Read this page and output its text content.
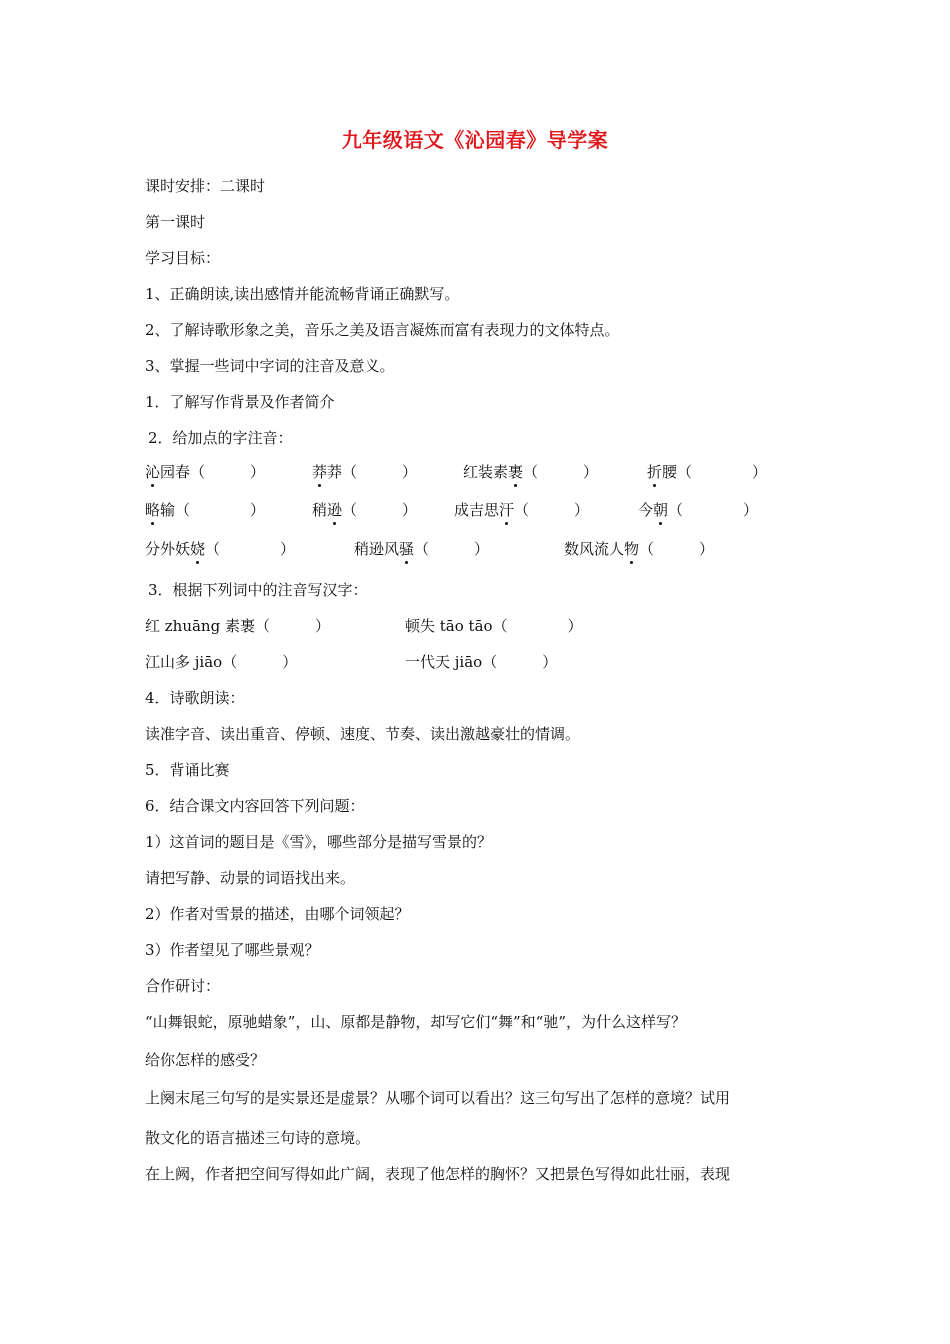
九年级语文《沁园春》导学案
课时安排：二课时
第一课时
学习目标：
1、正确朗读,读出感情并能流畅背诵正确默写。
2、了解诗歌形象之美，音乐之美及语言凝炼而富有表现力的文体特点。
3、掌握一些词中字词的注音及意义。
1．了解写作背景及作者简介
2．给加点的字注音：
沁园春（　　　）	莽莽（　　　）	红装素裹（　　　）	折腰（　　　　）
略输（　　　　）	稍逊（　　　） 成吉思汗（　　　）	今朝（　　　　）
分外妖娆（　　　　）	稍逊风骚（　　　）	数风流人物（　　　）
3．根据下列词中的注音写汉字：
红 zhuāng 素裹（　　　）	顿失 tāo tāo（　　　　）
江山多 jiāo（　　　）	一代天 jiāo（　　　）
4．诗歌朗读：
读准字音、读出重音、停顿、速度、节奏、读出激越豪壮的情调。
5．背诵比赛
6．结合课文内容回答下列问题：
1）这首词的题目是《雪》，哪些部分是描写雪景的？
请把写静、动景的词语找出来。
2）作者对雪景的描述，由哪个词领起？
3）作者望见了哪些景观？
合作研讨：
“山舞银蛇，原驰蜡象”，山、原都是静物，却写它们“舞”和“驰”，为什么这样写？
给你怎样的感受？
上阕末尾三句写的是实景还是虚景？从哪个词可以看出？这三句写出了怎样的意境？试用
散文化的语言描述三句诗的意境。
在上阙，作者把空间写得如此广阔，表现了他怎样的胸怀？又把景色写得如此壮丽，表现
